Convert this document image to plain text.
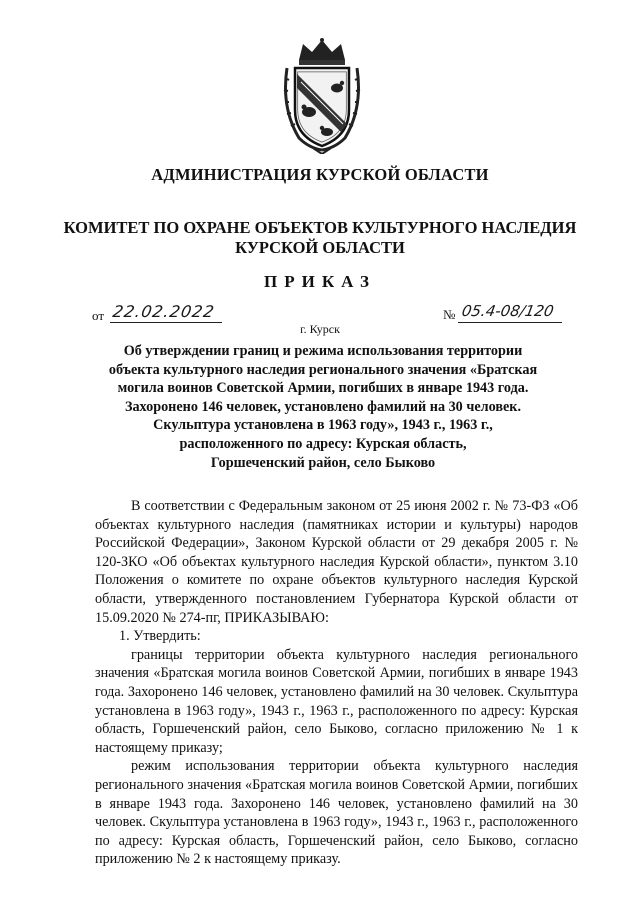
АДМИНИСТРАЦИЯ КУРСКОЙ ОБЛАСТИ
КОМИТЕТ ПО ОХРАНЕ ОБЪЕКТОВ КУЛЬТУРНОГО НАСЛЕДИЯ
КУРСКОЙ ОБЛАСТИ
ПРИКАЗ
от 22.02.2022	№ 05.4-08/120
г. Курск
Об утверждении границ и режима использования территории
объекта культурного наследия регионального значения «Братская
могила воинов Советской Армии, погибших в январе 1943 года.
Захоронено 146 человек, установлено фамилий на 30 человек.
Скульптура установлена в 1963 году», 1943 г., 1963 г.,
расположенного по адресу: Курская область,
Горшеченский район, село Быково

В соответствии с Федеральным законом от 25 июня 2002 г. № 73-ФЗ «Об объектах культурного наследия (памятниках истории и культуры) народов Российской Федерации», Законом Курской области от 29 декабря 2005 г. № 120-ЗКО «Об объектах культурного наследия Курской области», пунктом 3.10 Положения о комитете по охране объектов культурного наследия Курской области, утвержденного постановлением Губернатора Курской области от 15.09.2020 № 274-пг, ПРИКАЗЫВАЮ:

1. Утвердить:

границы территории объекта культурного наследия регионального значения «Братская могила воинов Советской Армии, погибших в январе 1943 года. Захоронено 146 человек, установлено фамилий на 30 человек. Скульптура установлена в 1963 году», 1943 г., 1963 г., расположенного по адресу: Курская область, Горшеченский район, село Быково, согласно приложению № 1 к настоящему приказу;

режим использования территории объекта культурного наследия регионального значения «Братская могила воинов Советской Армии, погибших в январе 1943 года. Захоронено 146 человек, установлено фамилий на 30 человек. Скульптура установлена в 1963 году», 1943 г., 1963 г., расположенного по адресу: Курская область, Горшеченский район, село Быково, согласно приложению № 2 к настоящему приказу.
